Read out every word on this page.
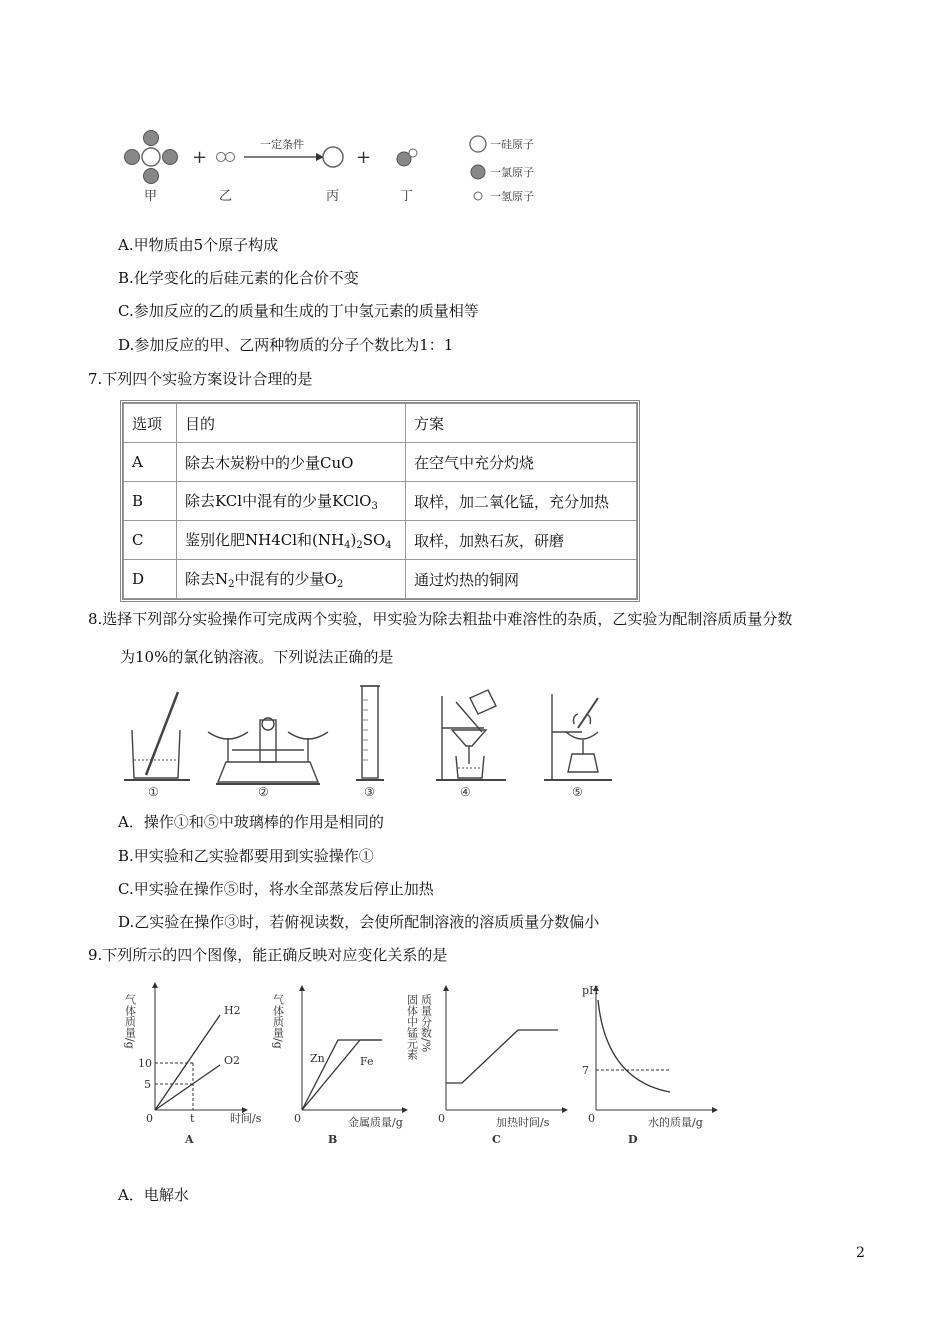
+
一定条件
+
甲	乙	丙	丁
一硅原子
一氯原子
一氢原子
A.甲物质由5个原子构成
B.化学变化的后硅元素的化合价不变
C.参加反应的乙的质量和生成的丁中氢元素的质量相等
D.参加反应的甲、乙两种物质的分子个数比为1：1
7.下列四个实验方案设计合理的是
选项	目的	方案
A	除去木炭粉中的少量CuO	在空气中充分灼烧
B	除去KCl中混有的少量KClO$_3$	取样，加二氧化锰，充分加热
C	鉴别化肥NH4Cl和$(NH_4)_2SO_4$	取样，加熟石灰，研磨
D	除去$N_2$中混有的少量$O_2$	通过灼热的铜网
8.选择下列部分实验操作可完成两个实验，甲实验为除去粗盐中难溶性的杂质，乙实验为配制溶质质量分数
为10%的氯化钠溶液。下列说法正确的是
①	②	③	④	⑤
A．操作①和⑤中玻璃棒的作用是相同的
B.甲实验和乙实验都要用到实验操作①
C.甲实验在操作⑤时，将水全部蒸发后停止加热
D.乙实验在操作③时，若俯视读数，会使所配制溶液的溶质质量分数偏小
9.下列所示的四个图像，能正确反映对应变化关系的是
气体质量/g
10
5
0	t
H2
O2
时间/s
A
气体质量/g
0
Zn	Fe
金属质量/g
B
固体中锰元素 质量分数/%
0	加热时间/s
C
pH
7
0	水的质量/g
D
A．电解水
2
